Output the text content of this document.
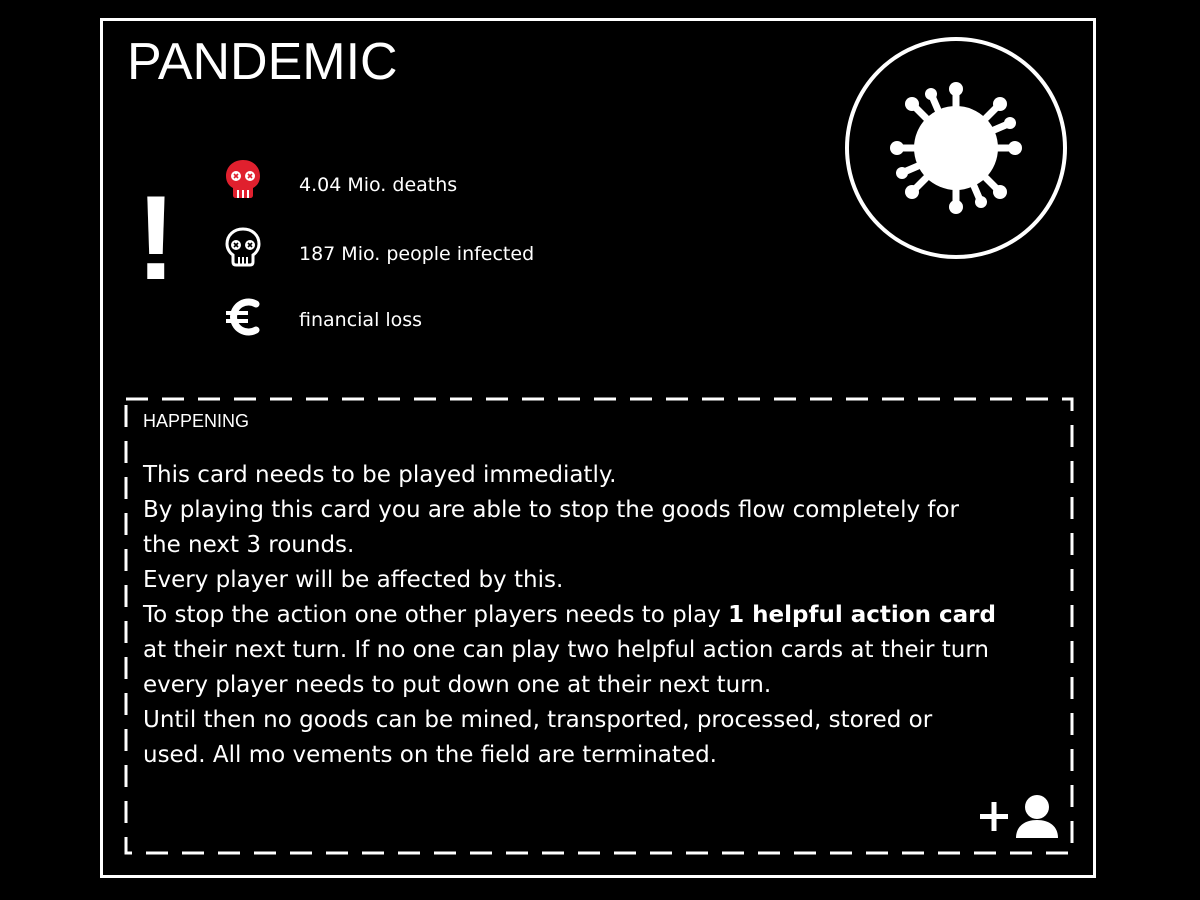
PANDEMIC
!	4.04 Mio. deaths
187 Mio. people infected
financial loss
HAPPENING
This card needs to be played immediatly.
By playing this card you are able to stop the goods flow completely for
the next 3 rounds.
Every player will be affected by this.
To stop the action one other players needs to play 1 helpful action card
at their next turn. If no one can play two helpful action cards at their turn
every player needs to put down one at their next turn.
Until then no goods can be mined, transported, processed, stored or
used. All mo vements on the field are terminated.
